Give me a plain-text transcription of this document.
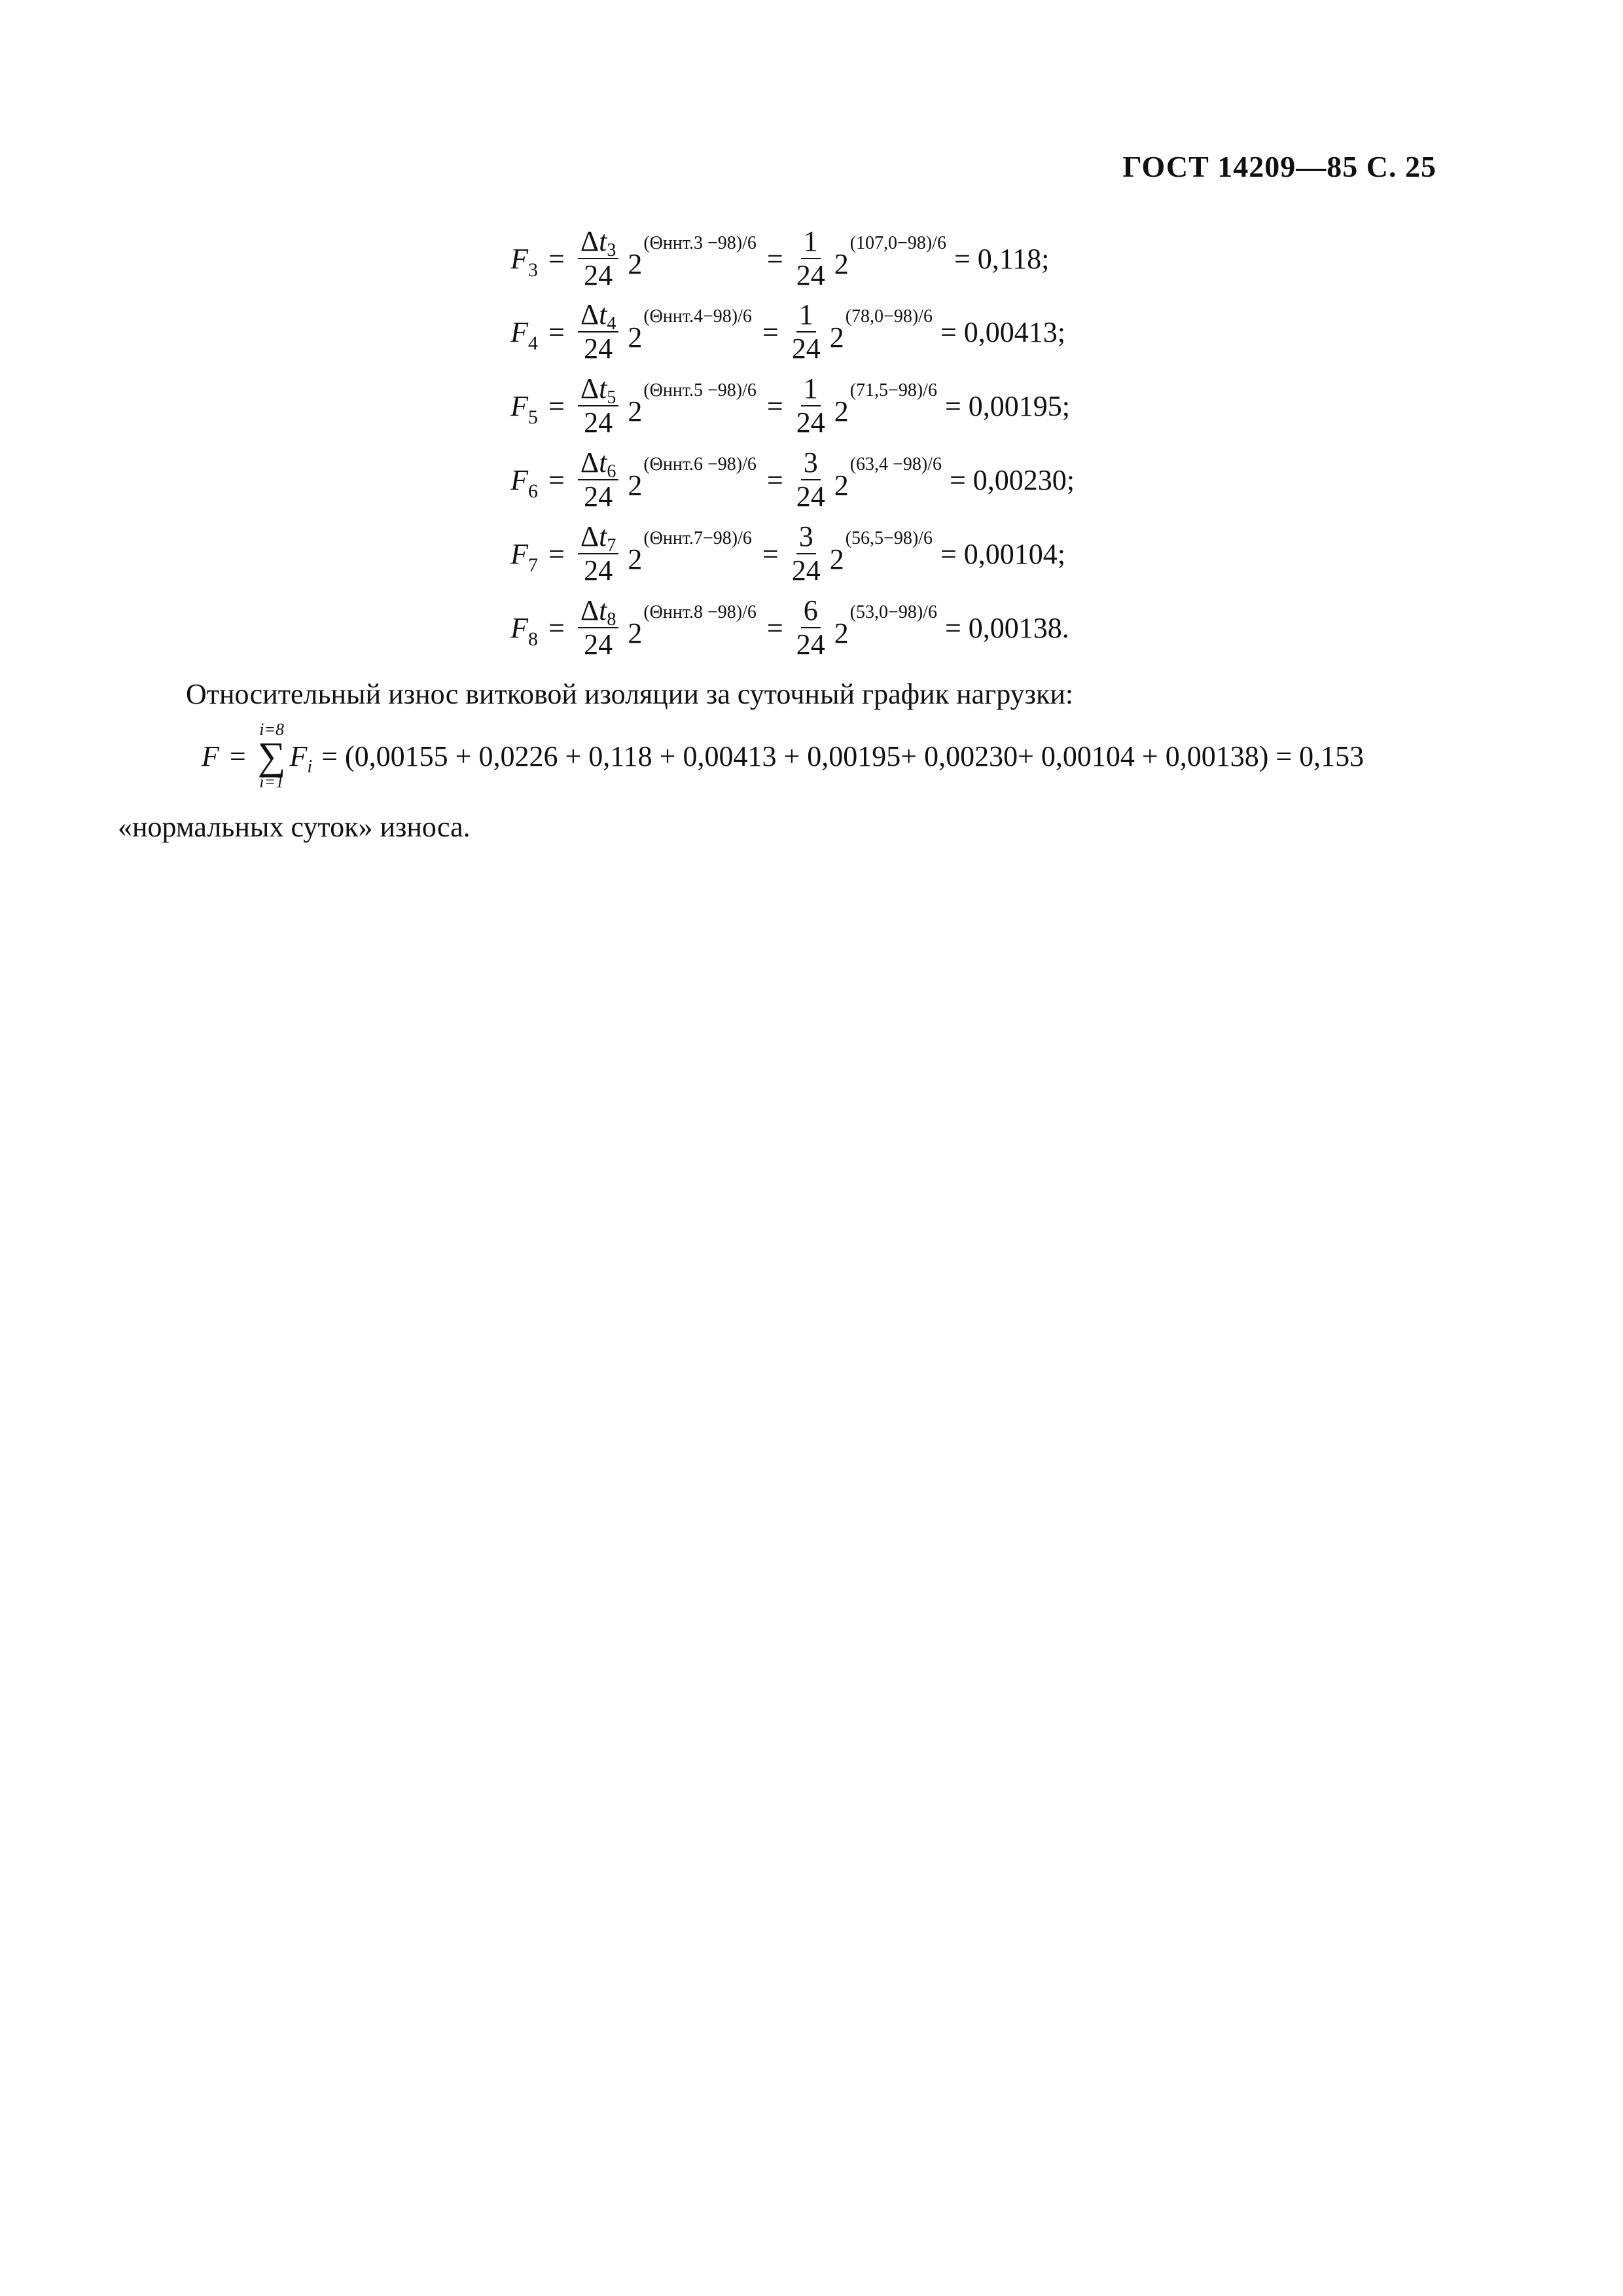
ГОСТ 14209—85 С. 25
F $3 = \frac{\Delta t3}{24} 2$
$(\Theta ннт.3 -98)/6 = \frac{1}{24} 2$
(107,0−98)/6 = 0,118;
F $4 = \frac{\Delta t4}{24} 2$
$(\Theta ннт.4-98)/6 = \frac{1}{24} 2$
(78,0−98)/6 = 0,00413;
F $5 = \frac{\Delta t5}{24} 2$
$(\Theta ннт.5 -98)/6 = \frac{1}{24} 2$
(71,5−98)/6 = 0,00195;
F $6 = \frac{\Delta t6}{24} 2$
$(\Theta ннт.6 -98)/6 = \frac{3}{24} 2$
(63,4 −98)/6 = 0,00230;
F $7 = \frac{\Delta t7}{24} 2$
$(\Theta ннт.7-98)/6 = \frac{3}{24} 2$
(56,5−98)/6 = 0,00104;
F $8 = \frac{\Delta t8}{24} 2$
$(\Theta ннт.8 -98)/6 = \frac{6}{24} 2$
(53,0−98)/6 = 0,00138.
Относительный износ витковой изоляции за суточный график нагрузки:
F =
i=8
∑
i=1
$F_i = (0,00155 + 0,0226 + 0,118 + 0,00413 + 0,00195+ 0,00230+ 0,00104 + 0,00138) = 0,153$
«нормальных суток» износа.
